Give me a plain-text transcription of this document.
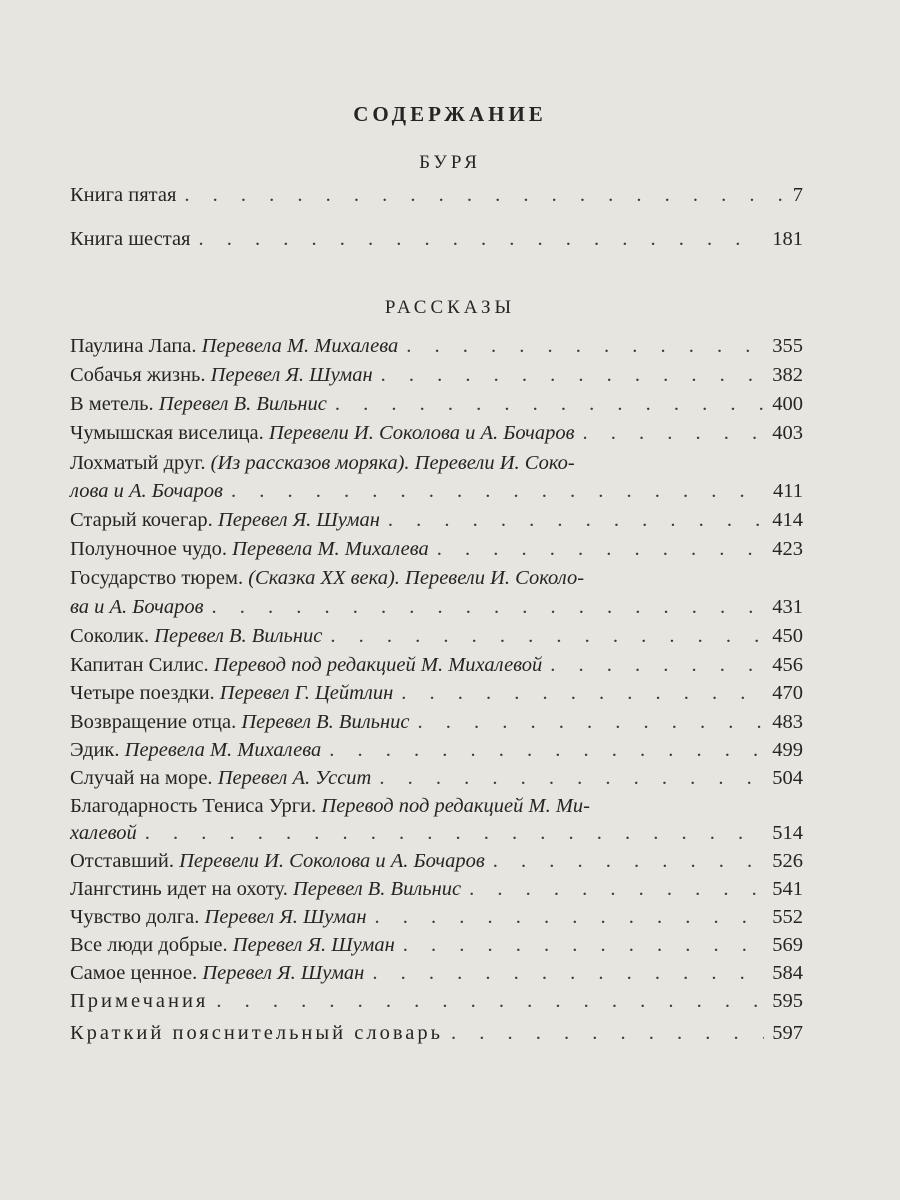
СОДЕРЖАНИЕ
БУРЯ
Книга пятая . . .	7
Книга шестая . . .	181
РАССКАЗЫ
Паулина Лапа.
Перевела М. Михалева . . .	355
Собачья жизнь.
Перевел Я. Шуман . . .	382
В метель.
Перевел В. Вильнис . . .	400
Чумышская виселица.
Перевели И. Соколова и А. Бочаров . . .	403
Лохматый друг. (Из рассказов моряка). Перевели И. Соко-
лова и А. Бочаров . . .	411
Старый кочегар.
Перевел Я. Шуман . . .	414
Полуночное чудо.
Перевела М. Михалева . . .	423
Государство тюрем. (Сказка XX века). Перевели И. Соколо-
ва и А. Бочаров . . .	431
Соколик.
Перевел В. Вильнис . . .	450
Капитан Силис.
Перевод под редакцией М. Михалевой . . .	456
Четыре поездки.
Перевел Г. Цейтлин . . .	470
Возвращение отца.
Перевел В. Вильнис . . .	483
Эдик.
Перевела М. Михалева . . .	499
Случай на море.
Перевел А. Уссит . . .	504
Благодарность Тениса Урги. Перевод под редакцией М. Ми-
халевой . . .	514
Отставший.
Перевели И. Соколова и А. Бочаров . . .	526
Лангстинь идет на охоту.
Перевел В. Вильнис . . .	541
Чувство долга.
Перевел Я. Шуман . . .	552
Все люди добрые.
Перевел Я. Шуман . . .	569
Самое ценное.
Перевел Я. Шуман . . .	584
Примечания . . .	595
Краткий пояснительный словарь . . .	597
